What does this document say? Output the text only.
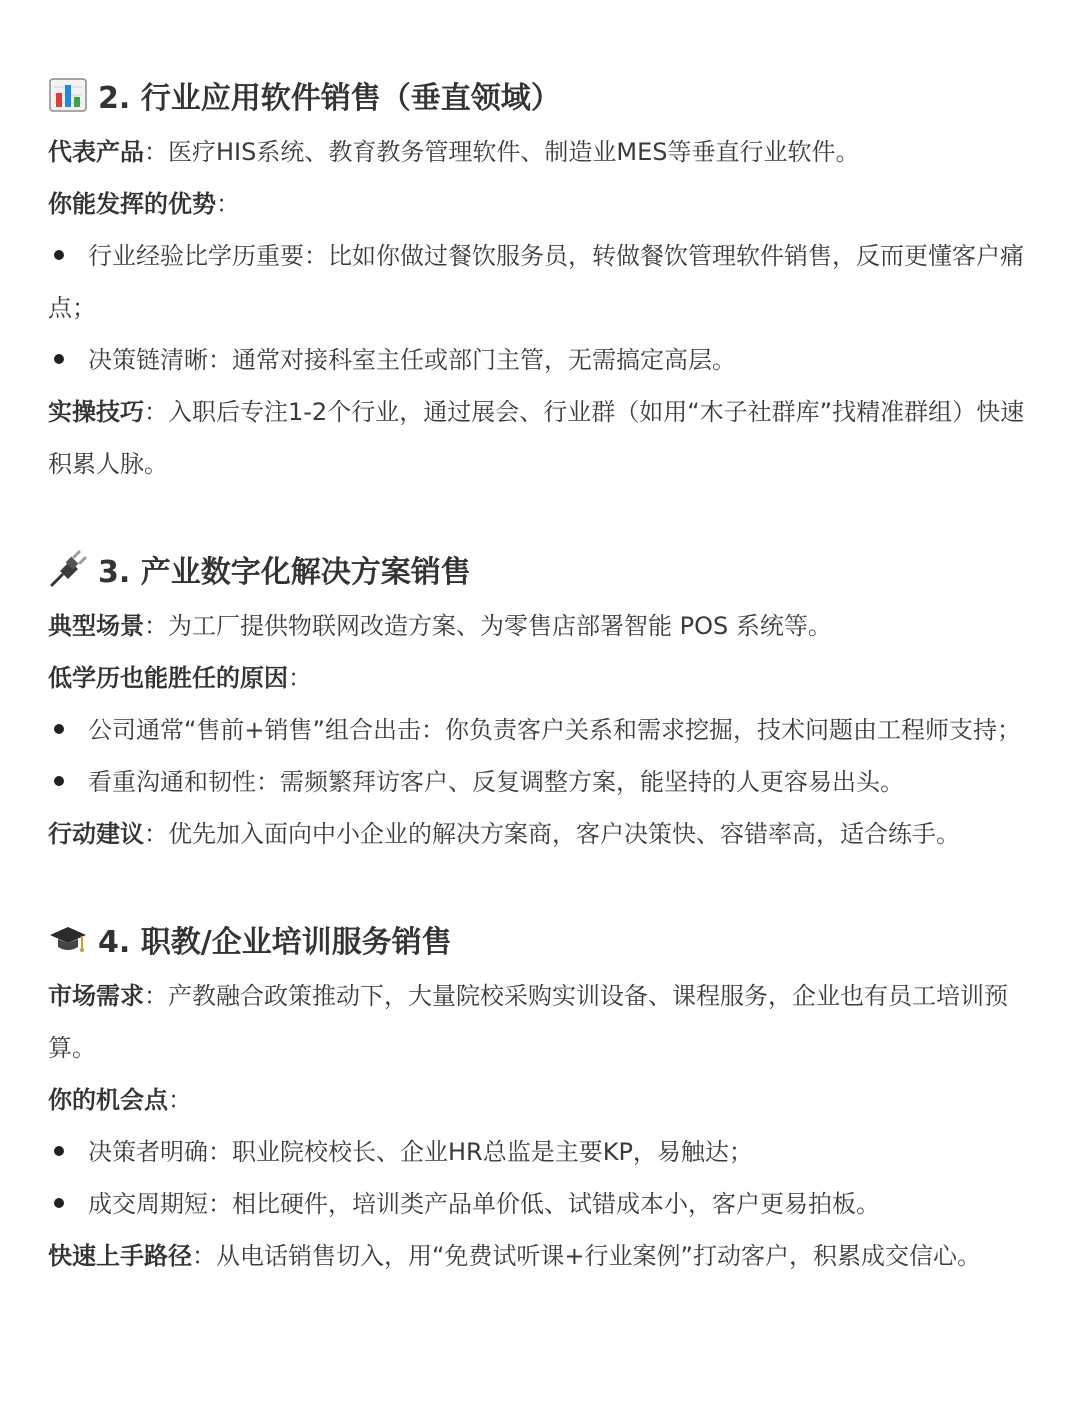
2. 行业应用软件销售（垂直领域）

代表产品：医疗HIS系统、教育教务管理软件、制造业MES等垂直行业软件。

你能发挥的优势：

行业经验比学历重要：比如你做过餐饮服务员，转做餐饮管理软件销售，反而更懂客户痛点；

决策链清晰：通常对接科室主任或部门主管，无需搞定高层。

实操技巧：入职后专注1-2个行业，通过展会、行业群（如用“木子社群库”找精准群组）快速积累人脉。

3. 产业数字化解决方案销售

典型场景：为工厂提供物联网改造方案、为零售店部署智能 POS 系统等。

低学历也能胜任的原因：

公司通常“售前+销售”组合出击：你负责客户关系和需求挖掘，技术问题由工程师支持；

看重沟通和韧性：需频繁拜访客户、反复调整方案，能坚持的人更容易出头。

行动建议：优先加入面向中小企业的解决方案商，客户决策快、容错率高，适合练手。

4. 职教/企业培训服务销售

市场需求：产教融合政策推动下，大量院校采购实训设备、课程服务，企业也有员工培训预算。

你的机会点：

决策者明确：职业院校校长、企业HR总监是主要KP，易触达；

成交周期短：相比硬件，培训类产品单价低、试错成本小，客户更易拍板。

快速上手路径：从电话销售切入，用“免费试听课+行业案例”打动客户，积累成交信心。
